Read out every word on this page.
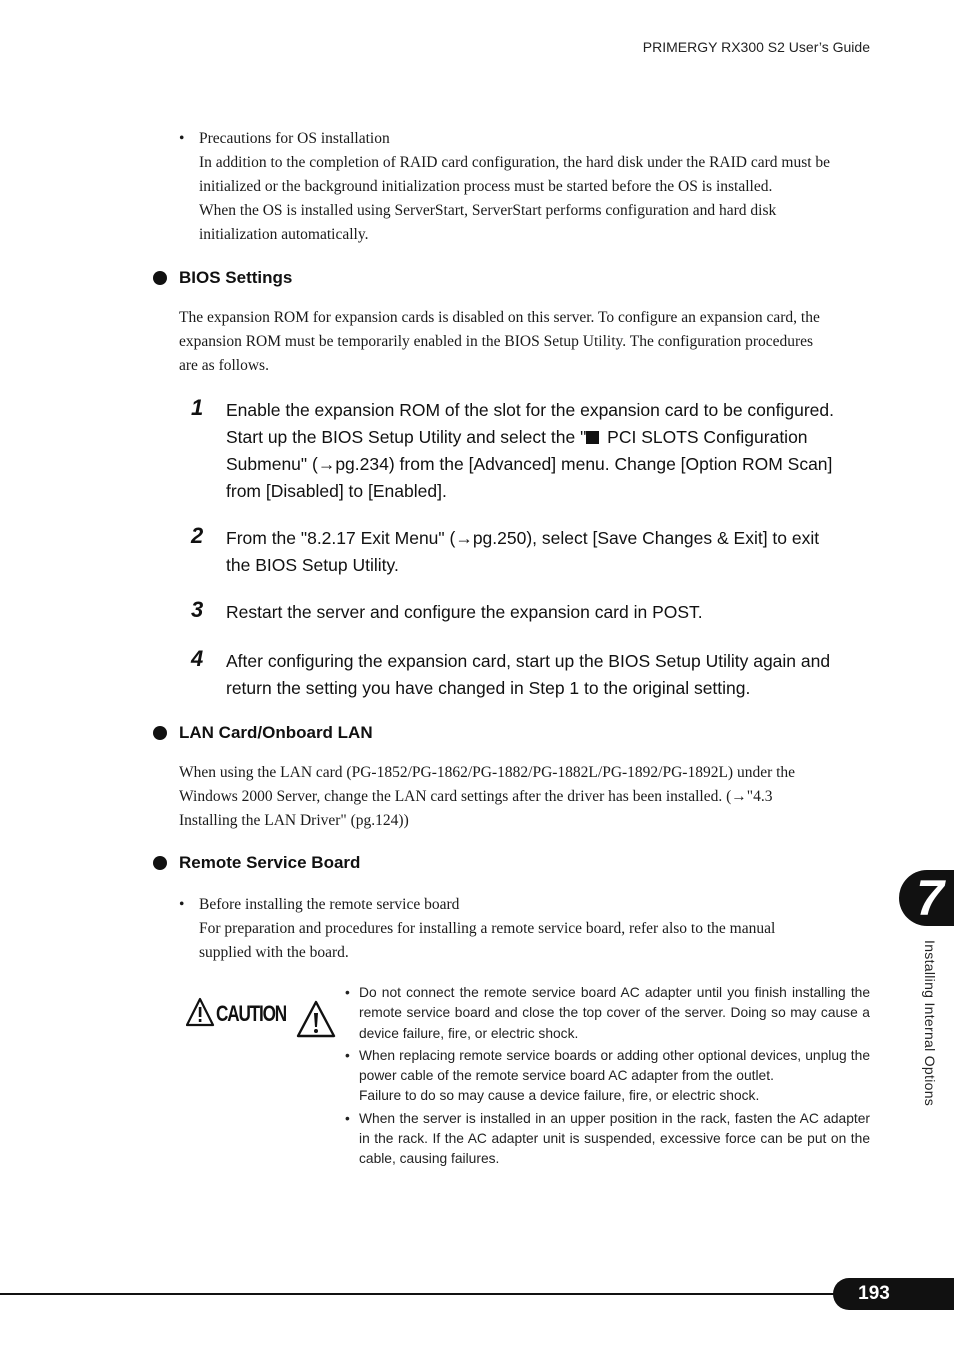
PRIMERGY RX300 S2 User’s Guide
• Precautions for OS installation
In addition to the completion of RAID card configuration, the hard disk under the RAID card must be
initialized or the background initialization process must be started before the OS is installed.
When the OS is installed using ServerStart, ServerStart performs configuration and hard disk
initialization automatically.
BIOS Settings
The expansion ROM for expansion cards is disabled on this server. To configure an expansion card, the
expansion ROM must be temporarily enabled in the BIOS Setup Utility. The configuration procedures
are as follows.
1 Enable the expansion ROM of the slot for the expansion card to be configured.
Start up the BIOS Setup Utility and select the " PCI SLOTS Configuration
Submenu" (→pg.234) from the [Advanced] menu. Change [Option ROM Scan]
from [Disabled] to [Enabled].
2 From the "8.2.17 Exit Menu" (→pg.250), select [Save Changes & Exit] to exit
the BIOS Setup Utility.
3 Restart the server and configure the expansion card in POST.
4 After configuring the expansion card, start up the BIOS Setup Utility again and
return the setting you have changed in Step 1 to the original setting.
LAN Card/Onboard LAN
When using the LAN card (PG-1852/PG-1862/PG-1882/PG-1882L/PG-1892/PG-1892L) under the
Windows 2000 Server, change the LAN card settings after the driver has been installed. (→"4.3
Installing the LAN Driver" (pg.124))
Remote Service Board
• Before installing the remote service board
For preparation and procedures for installing a remote service board, refer also to the manual
supplied with the board.
CAUTION
• Do not connect the remote service board AC adapter until you finish installing the remote service board and close the top cover of the server. Doing so may cause a device failure, fire, or electric shock.
• When replacing remote service boards or adding other optional devices, unplug the power cable of the remote service board AC adapter from the outlet.
Failure to do so may cause a device failure, fire, or electric shock.
• When the server is installed in an upper position in the rack, fasten the AC adapter in the rack. If the AC adapter unit is suspended, excessive force can be put on the cable, causing failures.
7
Installing Internal Options
193
